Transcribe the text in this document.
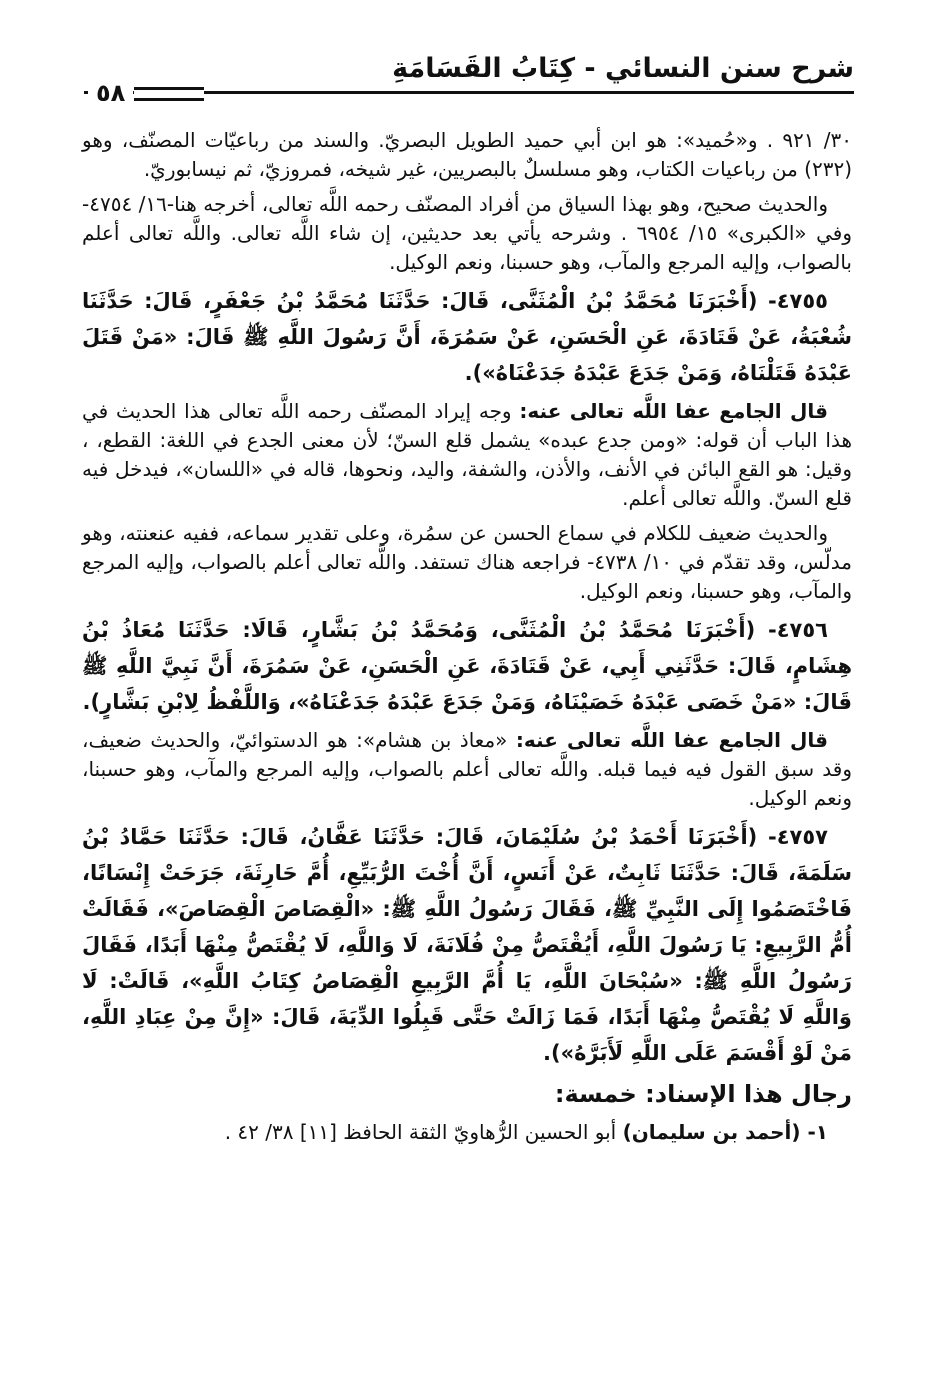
شرح سنن النسائي - كِتَابُ القَسَامَةِ
٥٨

٣٠/ ٩٢١ . و«حُميد»: هو ابن أبي حميد الطويل البصريّ. والسند من رباعيّات المصنّف، وهو (٢٣٢) من رباعيات الكتاب، وهو مسلسلٌ بالبصريين، غير شيخه، فمروزيّ، ثم نيسابوريّ.

والحديث صحيح، وهو بهذا السياق من أفراد المصنّف رحمه اللَّه تعالى، أخرجه هنا-١٦/ ٤٧٥٤- وفي «الكبرى» ١٥/ ٦٩٥٤ . وشرحه يأتي بعد حديثين، إن شاء اللَّه تعالى. واللَّه تعالى أعلم بالصواب، وإليه المرجع والمآب، وهو حسبنا، ونعم الوكيل.

٤٧٥٥- (أَخْبَرَنَا مُحَمَّدُ بْنُ الْمُثَنَّى، قَالَ: حَدَّثَنَا مُحَمَّدُ بْنُ جَعْفَرٍ، قَالَ: حَدَّثَنَا شُعْبَةُ، عَنْ قَتَادَةَ، عَنِ الْحَسَنِ، عَنْ سَمُرَةَ، أَنَّ رَسُولَ اللَّهِ ﷺ قَالَ: «مَنْ قَتَلَ عَبْدَهُ قَتَلْنَاهُ، وَمَنْ جَدَعَ عَبْدَهُ جَدَعْنَاهُ»).

قال الجامع عفا اللَّه تعالى عنه: وجه إيراد المصنّف رحمه اللَّه تعالى هذا الحديث في هذا الباب أن قوله: «ومن جدع عبده» يشمل قلع السنّ؛ لأن معنى الجدع في اللغة: القطع، ، وقيل: هو القع البائن في الأنف، والأذن، والشفة، واليد، ونحوها، قاله في «اللسان»، فيدخل فيه قلع السنّ. واللَّه تعالى أعلم.

والحديث ضعيف للكلام في سماع الحسن عن سمُرة، وعلى تقدير سماعه، ففيه عنعنته، وهو مدلّس، وقد تقدّم في ١٠/ ٤٧٣٨- فراجعه هناك تستفد. واللَّه تعالى أعلم بالصواب، وإليه المرجع والمآب، وهو حسبنا، ونعم الوكيل.

٤٧٥٦- (أَخْبَرَنَا مُحَمَّدُ بْنُ الْمُثَنَّى، وَمُحَمَّدُ بْنُ بَشَّارٍ، قَالَا: حَدَّثَنَا مُعَاذُ بْنُ هِشَامٍ، قَالَ: حَدَّثَنِي أَبِي، عَنْ قَتَادَةَ، عَنِ الْحَسَنِ، عَنْ سَمُرَةَ، أَنَّ نَبِيَّ اللَّهِ ﷺ قَالَ: «مَنْ خَصَى عَبْدَهُ خَصَيْنَاهُ، وَمَنْ جَدَعَ عَبْدَهُ جَدَعْنَاهُ»، وَاللَّفْظُ لِابْنِ بَشَّارٍ).

قال الجامع عفا اللَّه تعالى عنه: «معاذ بن هشام»: هو الدستوائيّ، والحديث ضعيف، وقد سبق القول فيه فيما قبله. واللَّه تعالى أعلم بالصواب، وإليه المرجع والمآب، وهو حسبنا، ونعم الوكيل.

٤٧٥٧- (أَخْبَرَنَا أَحْمَدُ بْنُ سُلَيْمَانَ، قَالَ: حَدَّثَنَا عَفَّانُ، قَالَ: حَدَّثَنَا حَمَّادُ بْنُ سَلَمَةَ، قَالَ: حَدَّثَنَا ثَابِتٌ، عَنْ أَنَسٍ، أَنَّ أُخْتَ الرُّبَيِّعِ، أُمَّ حَارِثَةَ، جَرَحَتْ إِنْسَانًا، فَاخْتَصَمُوا إِلَى النَّبِيِّ ﷺ، فَقَالَ رَسُولُ اللَّهِ ﷺ: «الْقِصَاصَ الْقِصَاصَ»، فَقَالَتْ أُمُّ الرَّبِيعِ: يَا رَسُولَ اللَّهِ، أَيُقْتَصُّ مِنْ فُلَانَةَ، لَا وَاللَّهِ، لَا يُقْتَصُّ مِنْهَا أَبَدًا، فَقَالَ رَسُولُ اللَّهِ ﷺ: «سُبْحَانَ اللَّهِ، يَا أُمَّ الرَّبِيعِ الْقِصَاصُ كِتَابُ اللَّهِ»، قَالَتْ: لَا وَاللَّهِ لَا يُقْتَصُّ مِنْهَا أَبَدًا، فَمَا زَالَتْ حَتَّى قَبِلُوا الدِّيَةَ، قَالَ: «إِنَّ مِنْ عِبَادِ اللَّهِ، مَنْ لَوْ أَقْسَمَ عَلَى اللَّهِ لَأَبَرَّهُ»).

رجال هذا الإسناد: خمسة:

١- (أحمد بن سليمان) أبو الحسين الرُّهاويّ الثقة الحافظ [١١] ٣٨/ ٤٢ .
